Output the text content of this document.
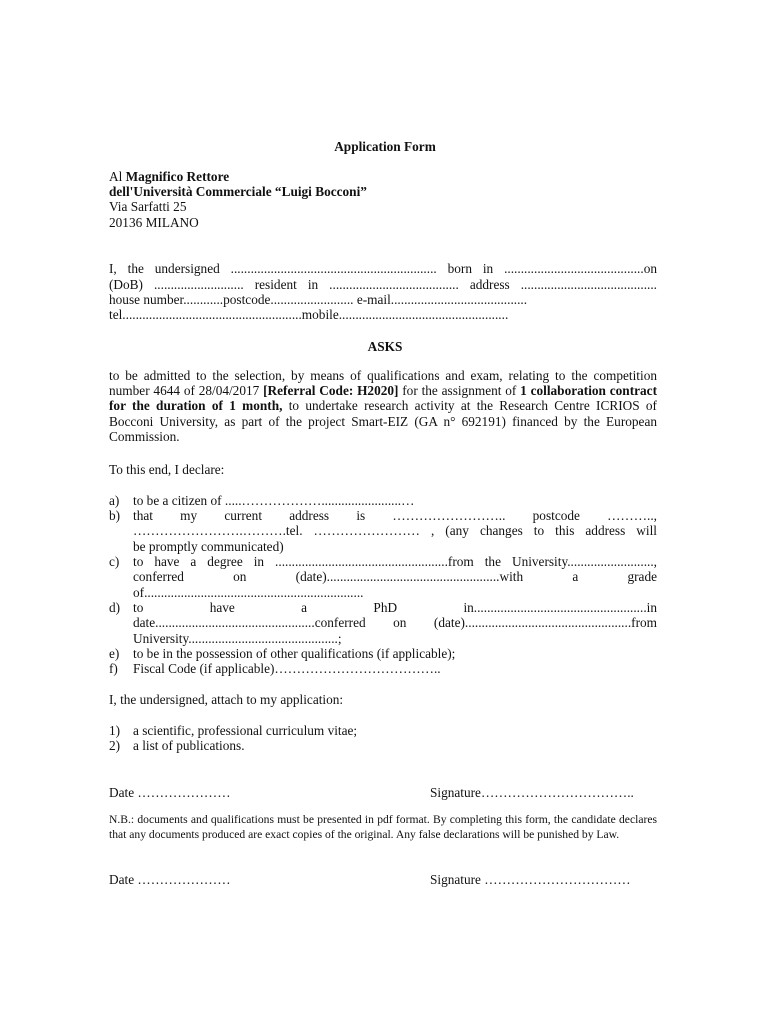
Application Form
Al Magnifico Rettore
dell'Università Commerciale “Luigi Bocconi”
Via Sarfatti 25
20136 MILANO
I, the undersigned .............................................................. born in ..........................................on
(DoB) ........................... resident in ....................................... address .........................................
house number............postcode......................... e-mail.........................................
tel......................................................mobile...................................................
ASKS
to be admitted to the selection, by means of qualifications and exam, relating to the competition number 4644 of 28/04/2017 [Referral Code: H2020] for the assignment of 1 collaboration contract for the duration of 1 month, to undertake research activity at the Research Centre ICRIOS of Bocconi University, as part of the project Smart-EIZ (GA n° 692191) financed by the European Commission.
To this end, I declare:
a) to be a citizen of .....………………........................…
b) that my current address is …………………….. postcode ………..,
…………………….……….tel. …………………… , (any changes to this address will
be promptly communicated)
c) to have a degree in ....................................................from the University..........................,
conferred on (date)....................................................with a grade
of..................................................................
d) to have a PhD in....................................................in
date................................................conferred on (date)..................................................from
University.............................................;
e) to be in the possession of other qualifications (if applicable);
f) Fiscal Code (if applicable)………………………………..
I, the undersigned, attach to my application:
1) a scientific, professional curriculum vitae;
2) a list of publications.
Date …………………	Signature……………………………..
N.B.: documents and qualifications must be presented in pdf format. By completing this form, the candidate declares that any documents produced are exact copies of the original. Any false declarations will be punished by Law.
Date …………………	Signature ……………………………
